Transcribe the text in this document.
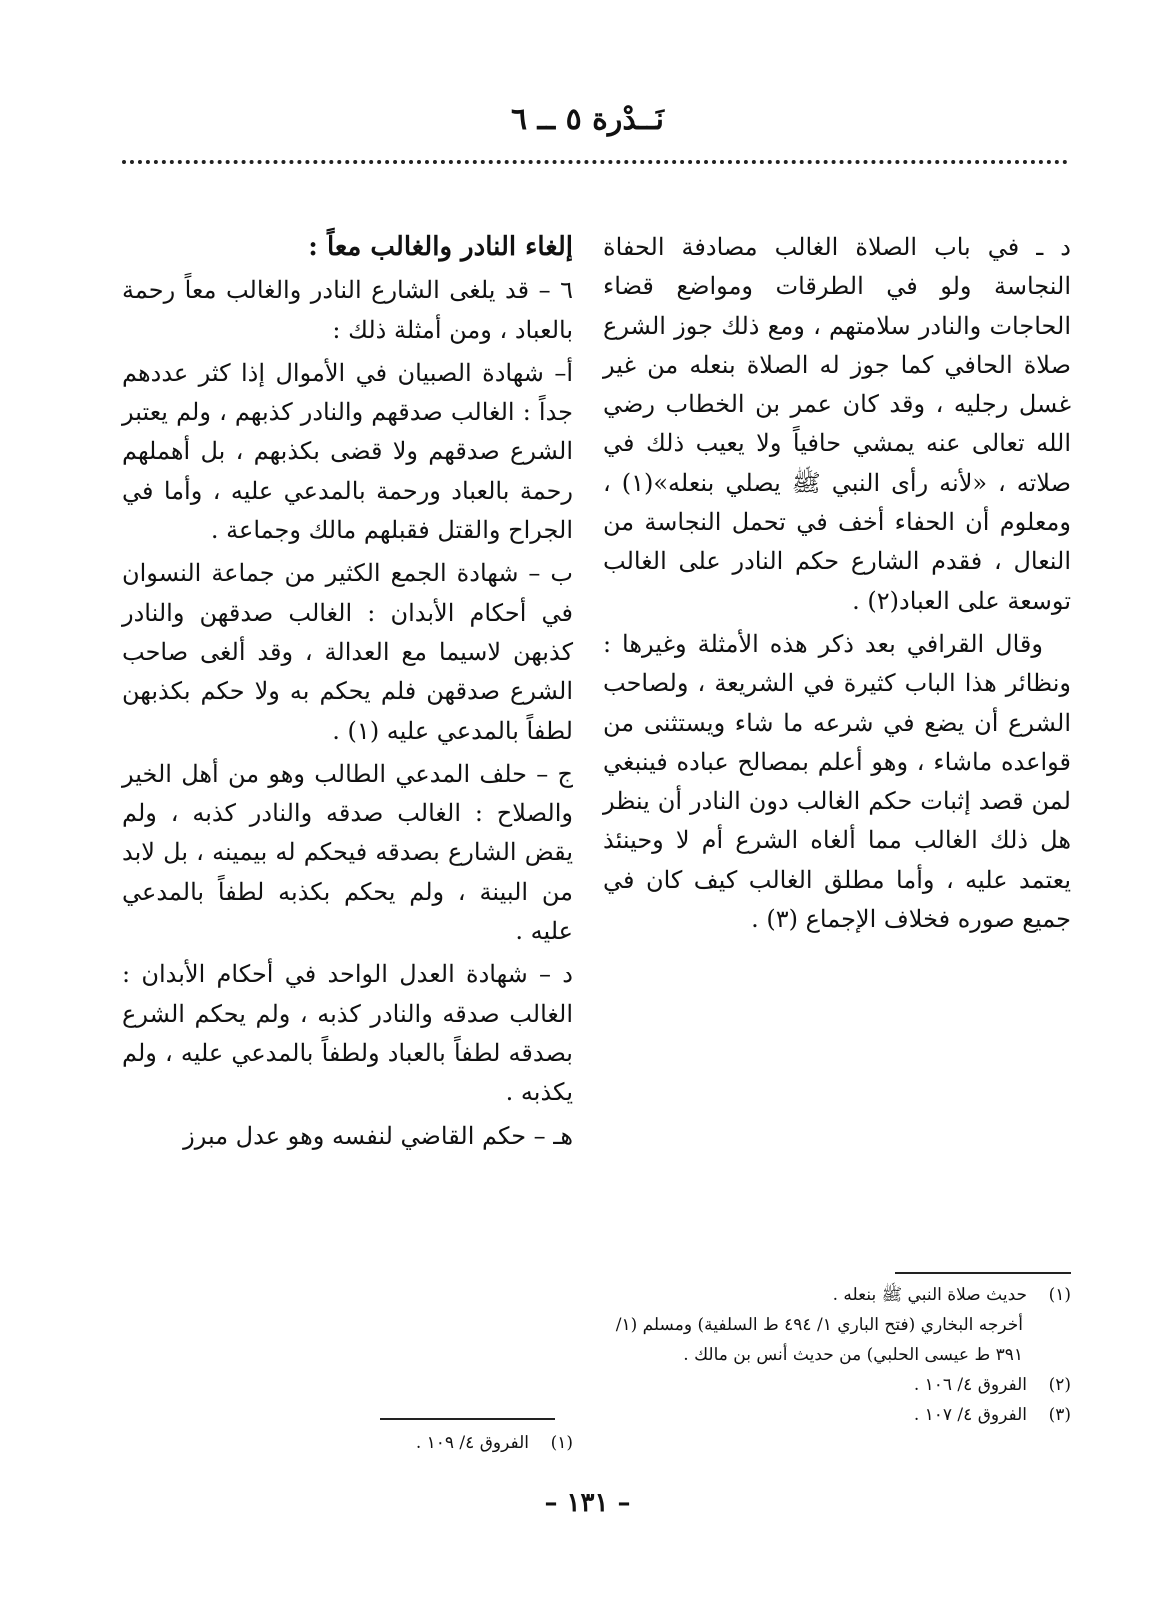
نَــدْرة ٥ ــ ٦

د ـ في باب الصلاة الغالب مصادفة الحفاة النجاسة ولو في الطرقات ومواضع قضاء الحاجات والنادر سلامتهم ، ومع ذلك جوز الشرع صلاة الحافي كما جوز له الصلاة بنعله من غير غسل رجليه ، وقد كان عمر بن الخطاب رضي الله تعالى عنه يمشي حافياً ولا يعيب ذلك في صلاته ، «لأنه رأى النبي ﷺ يصلي بنعله»(١) ، ومعلوم أن الحفاء أخف في تحمل النجاسة من النعال ، فقدم الشارع حكم النادر على الغالب توسعة على العباد(٢) .

وقال القرافي بعد ذكر هذه الأمثلة وغيرها : ونظائر هذا الباب كثيرة في الشريعة ، ولصاحب الشرع أن يضع في شرعه ما شاء ويستثنى من قواعده ماشاء ، وهو أعلم بمصالح عباده فينبغي لمن قصد إثبات حكم الغالب دون النادر أن ينظر هل ذلك الغالب مما ألغاه الشرع أم لا وحينئذ يعتمد عليه ، وأما مطلق الغالب كيف كان في جميع صوره فخلاف الإجماع (٣) .

إلغاء النادر والغالب معاً :

٦ – قد يلغى الشارع النادر والغالب معاً رحمة بالعباد ، ومن أمثلة ذلك :

أ– شهادة الصبيان في الأموال إذا كثر عددهم جداً : الغالب صدقهم والنادر كذبهم ، ولم يعتبر الشرع صدقهم ولا قضى بكذبهم ، بل أهملهم رحمة بالعباد ورحمة بالمدعي عليه ، وأما في الجراح والقتل فقبلهم مالك وجماعة .

ب – شهادة الجمع الكثير من جماعة النسوان في أحكام الأبدان : الغالب صدقهن والنادر كذبهن لاسيما مع العدالة ، وقد ألغى صاحب الشرع صدقهن فلم يحكم به ولا حكم بكذبهن لطفاً بالمدعي عليه (١) .

ج – حلف المدعي الطالب وهو من أهل الخير والصلاح : الغالب صدقه والنادر كذبه ، ولم يقض الشارع بصدقه فيحكم له بيمينه ، بل لابد من البينة ، ولم يحكم بكذبه لطفاً بالمدعي عليه .

د – شهادة العدل الواحد في أحكام الأبدان : الغالب صدقه والنادر كذبه ، ولم يحكم الشرع بصدقه لطفاً بالعباد ولطفاً بالمدعي عليه ، ولم يكذبه .

هـ – حكم القاضي لنفسه وهو عدل مبرز

(١)حديث صلاة النبي ﷺ بنعله .

أخرجه البخاري (فتح الباري ١/ ٤٩٤ ط السلفية) ومسلم (١/ ٣٩١ ط عيسى الحلبي) من حديث أنس بن مالك .

(٢)الفروق ٤/ ١٠٦ .

(٣)الفروق ٤/ ١٠٧ .

(١)الفروق ٤/ ١٠٩ .

– ١٣١ –
